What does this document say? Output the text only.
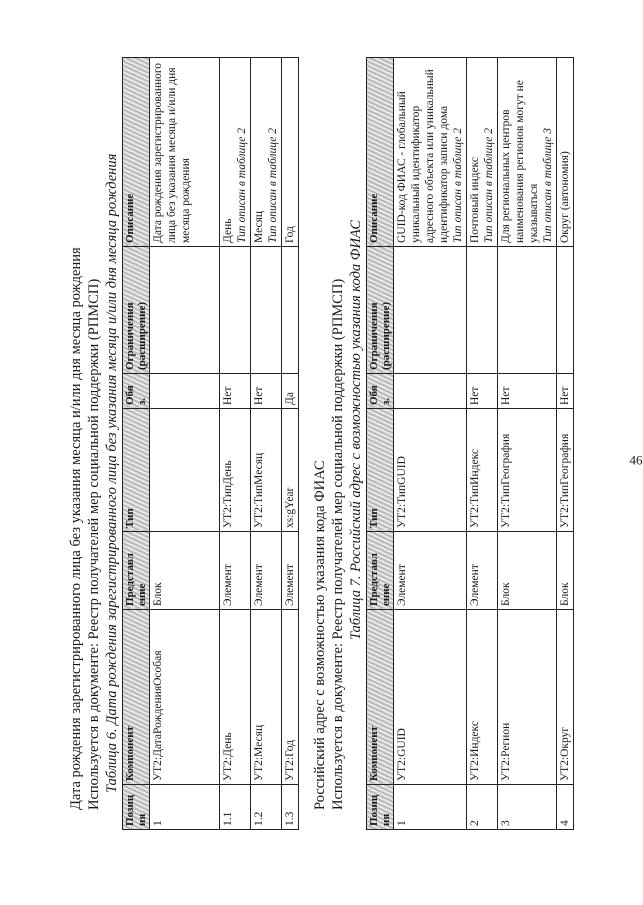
46
Дата рождения зарегистрированного лица без указания месяца и/или дня месяца рождения Используется в документе: Реестр получателей мер социальной поддержки (РПМСП) Таблица 6. Дата рождения зарегистрированного лица без указания месяца и/или дня месяца рождения
Позиц ия	Компонент	Представл ение	Тип	Обя з.	Ограничения (расширение)	Описание
1	УТ2:ДатаРожденияОсобая	Блок				Дата рождения зарегистрированного лица без указания месяца и/или дня месяца рождения
1.1	УТ2:День	Элемент	УТ2:ТипДень	Нет		День Тип описан в таблице 2

1.2	УТ2:Месяц	Элемент	УТ2:ТипМесяц	Нет		Месяц Тип описан в таблице 2

1.3	УТ2:Год	Элемент	xs:gYear	Да		Год
Российский адрес с возможностью указания кода ФИАС Используется в документе: Реестр получателей мер социальной поддержки (РПМСП) Таблица 7. Российский адрес с возможностью указания кода ФИАС
Позиц ия	Компонент	Представл ение	Тип	Обя з.	Ограничения (расширение)	Описание
1	УТ2:GUID	Элемент	УТ2:ТипGUID			GUID-код ФИАС - глобальный уникальный идентификатор адресного объекта или уникальный идентификатор записи дома Тип описан в таблице 2

2	УТ2:Индекс	Элемент	УТ2:ТипИндекс	Нет		Почтовый индекс Тип описан в таблице 2

3	УТ2:Регион	Блок	УТ2:ТипГеография	Нет		Для региональных центров наименования регионов могут не указываться Тип описан в таблице 3

4	УТ2:Округ	Блок	УТ2:ТипГеография	Нет		Округ (автономия)
